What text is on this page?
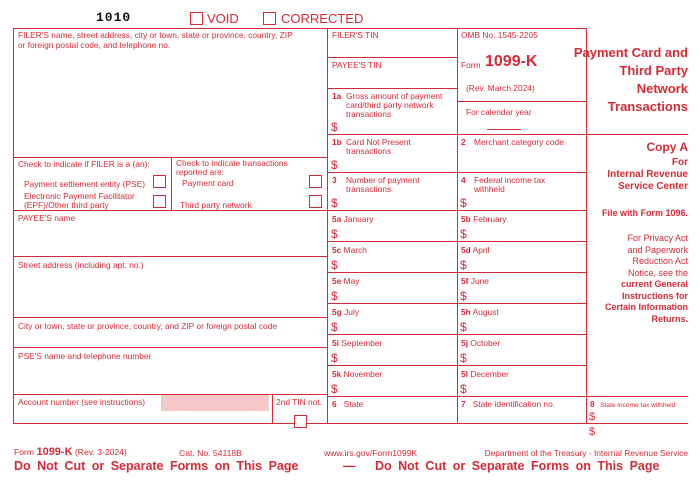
1010	VOID	CORRECTED
FILER'S name, street address, city or town, state or province, country, ZIP
or foreign postal code, and telephone no.
FILER'S TIN
PAYEE'S TIN
OMB No. 1545-2205
Form 1099-K
(Rev. March 2024)
For calendar year
Payment Card and
Third Party
Network
Transactions
1a Gross amount of payment
card/third party network
transactions
$
1b Card Not Present
transactions
$
2 Merchant category code
3 Number of payment
transactions
$
4 Federal income tax
withheld
$
Check to indicate if FILER is a (an):
Payment settlement entity (PSE)
Electronic Payment Facilitator
(EPF)/Other third party
Check to indicate transactions
reported are:
Payment card
Third party network
Copy A
For
Internal Revenue
Service Center
File with Form 1096.
For Privacy Act
and Paperwork
Reduction Act
Notice, see the
current General
Instructions for
Certain Information
Returns.
PAYEE'S name
Street address (including apt. no.)
City or town, state or province, country, and ZIP or foreign postal code
PSE'S name and telephone number
Account number (see instructions)	2nd TIN not.
5a January
$
5b February
$
5c March
$
5d April
$
5e May
$
5f June
$
5g July
$
5h August
$
5i September
$
5j October
$
5k November
$
5l December
$
6 State	7 State identification no.	8 State income tax withheld
$
$
Form 1099-K (Rev. 3-2024)	Cat. No. 54118B	www.irs.gov/Form1099K	Department of the Treasury - Internal Revenue Service
Do Not Cut or Separate Forms on This Page	— Do Not Cut or Separate Forms on This Page
